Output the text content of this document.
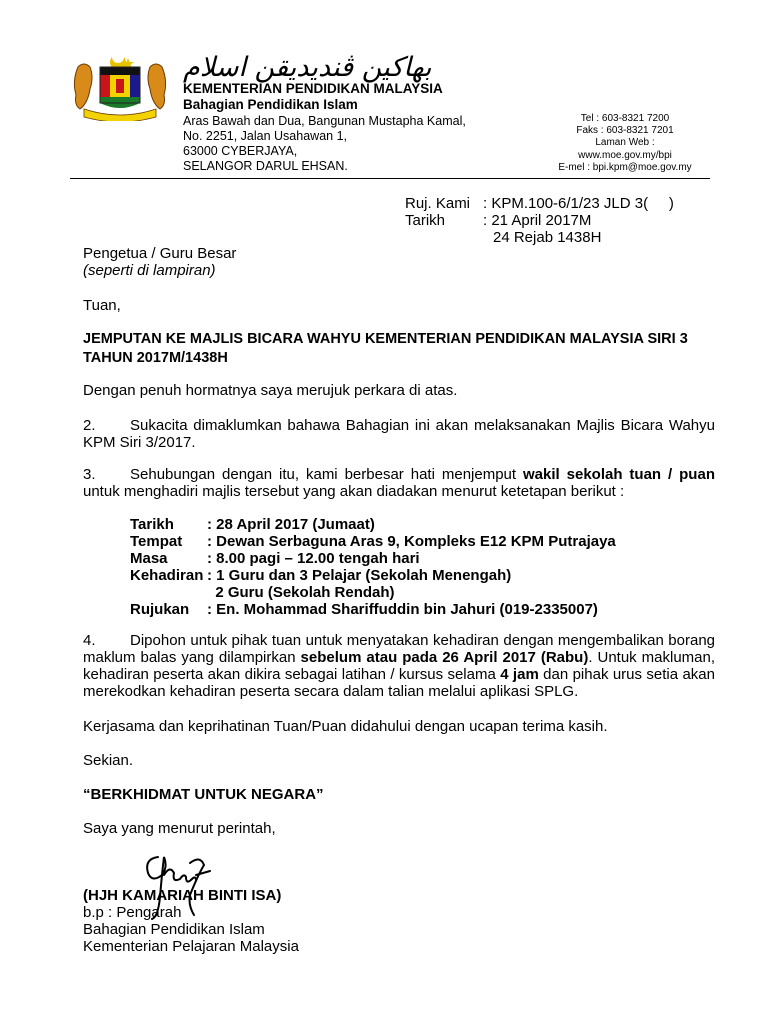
بهاكين ڤنديديقن اسلام
KEMENTERIAN PENDIDIKAN MALAYSIA
Bahagian Pendidikan Islam
Aras Bawah dan Dua, Bangunan Mustapha Kamal,
No. 2251, Jalan Usahawan 1,
63000 CYBERJAYA,
SELANGOR DARUL EHSAN.
Tel : 603-8321 7200
Faks : 603-8321 7201
Laman Web :
www.moe.gov.my/bpi
E-mel : bpi.kpm@moe.gov.my
Ruj. Kami	: KPM.100-6/1/23 JLD 3(     )
Tarikh	: 21 April 2017M
	24 Rejab 1438H
Pengetua / Guru Besar
(seperti di lampiran)
Tuan,
JEMPUTAN KE MAJLIS BICARA WAHYU KEMENTERIAN PENDIDIKAN MALAYSIA SIRI 3 TAHUN 2017M/1438H
Dengan penuh hormatnya saya merujuk perkara di atas.
2. Sukacita dimaklumkan bahawa Bahagian ini akan melaksanakan Majlis Bicara Wahyu KPM Siri 3/2017.
3. Sehubungan dengan itu, kami berbesar hati menjemput wakil sekolah tuan / puan untuk menghadiri majlis tersebut yang akan diadakan menurut ketetapan berikut :
Tarikh	: 28 April 2017 (Jumaat)
Tempat	: Dewan Serbaguna Aras 9, Kompleks E12 KPM Putrajaya
Masa	: 8.00 pagi – 12.00 tengah hari
Kehadiran	: 1 Guru dan 3 Pelajar (Sekolah Menengah)
	2 Guru (Sekolah Rendah)
Rujukan	: En. Mohammad Shariffuddin bin Jahuri (019-2335007)
4. Dipohon untuk pihak tuan untuk menyatakan kehadiran dengan mengembalikan borang maklum balas yang dilampirkan sebelum atau pada 26 April 2017 (Rabu). Untuk makluman, kehadiran peserta akan dikira sebagai latihan / kursus selama 4 jam dan pihak urus setia akan merekodkan kehadiran peserta secara dalam talian melalui aplikasi SPLG.
Kerjasama dan keprihatinan Tuan/Puan didahului dengan ucapan terima kasih.
Sekian.
“BERKHIDMAT UNTUK NEGARA”
Saya yang menurut perintah,
(HJH KAMARIAH BINTI ISA)
b.p : Pengarah
Bahagian Pendidikan Islam
Kementerian Pelajaran Malaysia
